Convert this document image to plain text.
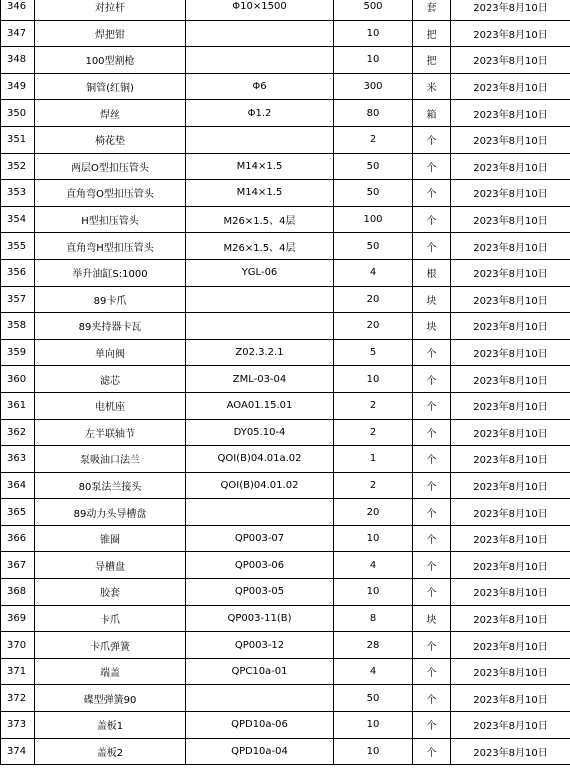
346	对拉杆	Φ10×1500	500	套	2023年8月10日
347	焊把钳		10	把	2023年8月10日
348	100型割枪		10	把	2023年8月10日
349	铜管(红铜)	Φ6	300	米	2023年8月10日
350	焊丝	Φ1.2	80	箱	2023年8月10日
351	椅花垫		2	个	2023年8月10日
352	两层O型扣压管头	M14×1.5	50	个	2023年8月10日
353	直角弯O型扣压管头	M14×1.5	50	个	2023年8月10日
354	H型扣压管头	M26×1.5、4层	100	个	2023年8月10日
355	直角弯H型扣压管头	M26×1.5、4层	50	个	2023年8月10日
356	举升油缸S:1000	YGL-06	4	根	2023年8月10日
357	89卡爪		20	块	2023年8月10日
358	89夹持器卡瓦		20	块	2023年8月10日
359	单向阀	Z02.3.2.1	5	个	2023年8月10日
360	滤芯	ZML-03-04	10	个	2023年8月10日
361	电机座	AOA01.15.01	2	个	2023年8月10日
362	左半联轴节	DY05.10-4	2	个	2023年8月10日
363	泵吸油口法兰	QOI(B)04.01a.02	1	个	2023年8月10日
364	80泵法兰接头	QOI(B)04.01.02	2	个	2023年8月10日
365	89动力头导槽盘		20	个	2023年8月10日
366	锥圈	QP003-07	10	个	2023年8月10日
367	导槽盘	QP003-06	4	个	2023年8月10日
368	胶套	QP003-05	10	个	2023年8月10日
369	卡爪	QP003-11(B)	8	块	2023年8月10日
370	卡爪弹簧	QP003-12	28	个	2023年8月10日
371	端盖	QPC10a-01	4	个	2023年8月10日
372	碟型弹簧90		50	个	2023年8月10日
373	盖板1	QPD10a-06	10	个	2023年8月10日
374	盖板2	QPD10a-04	10	个	2023年8月10日
